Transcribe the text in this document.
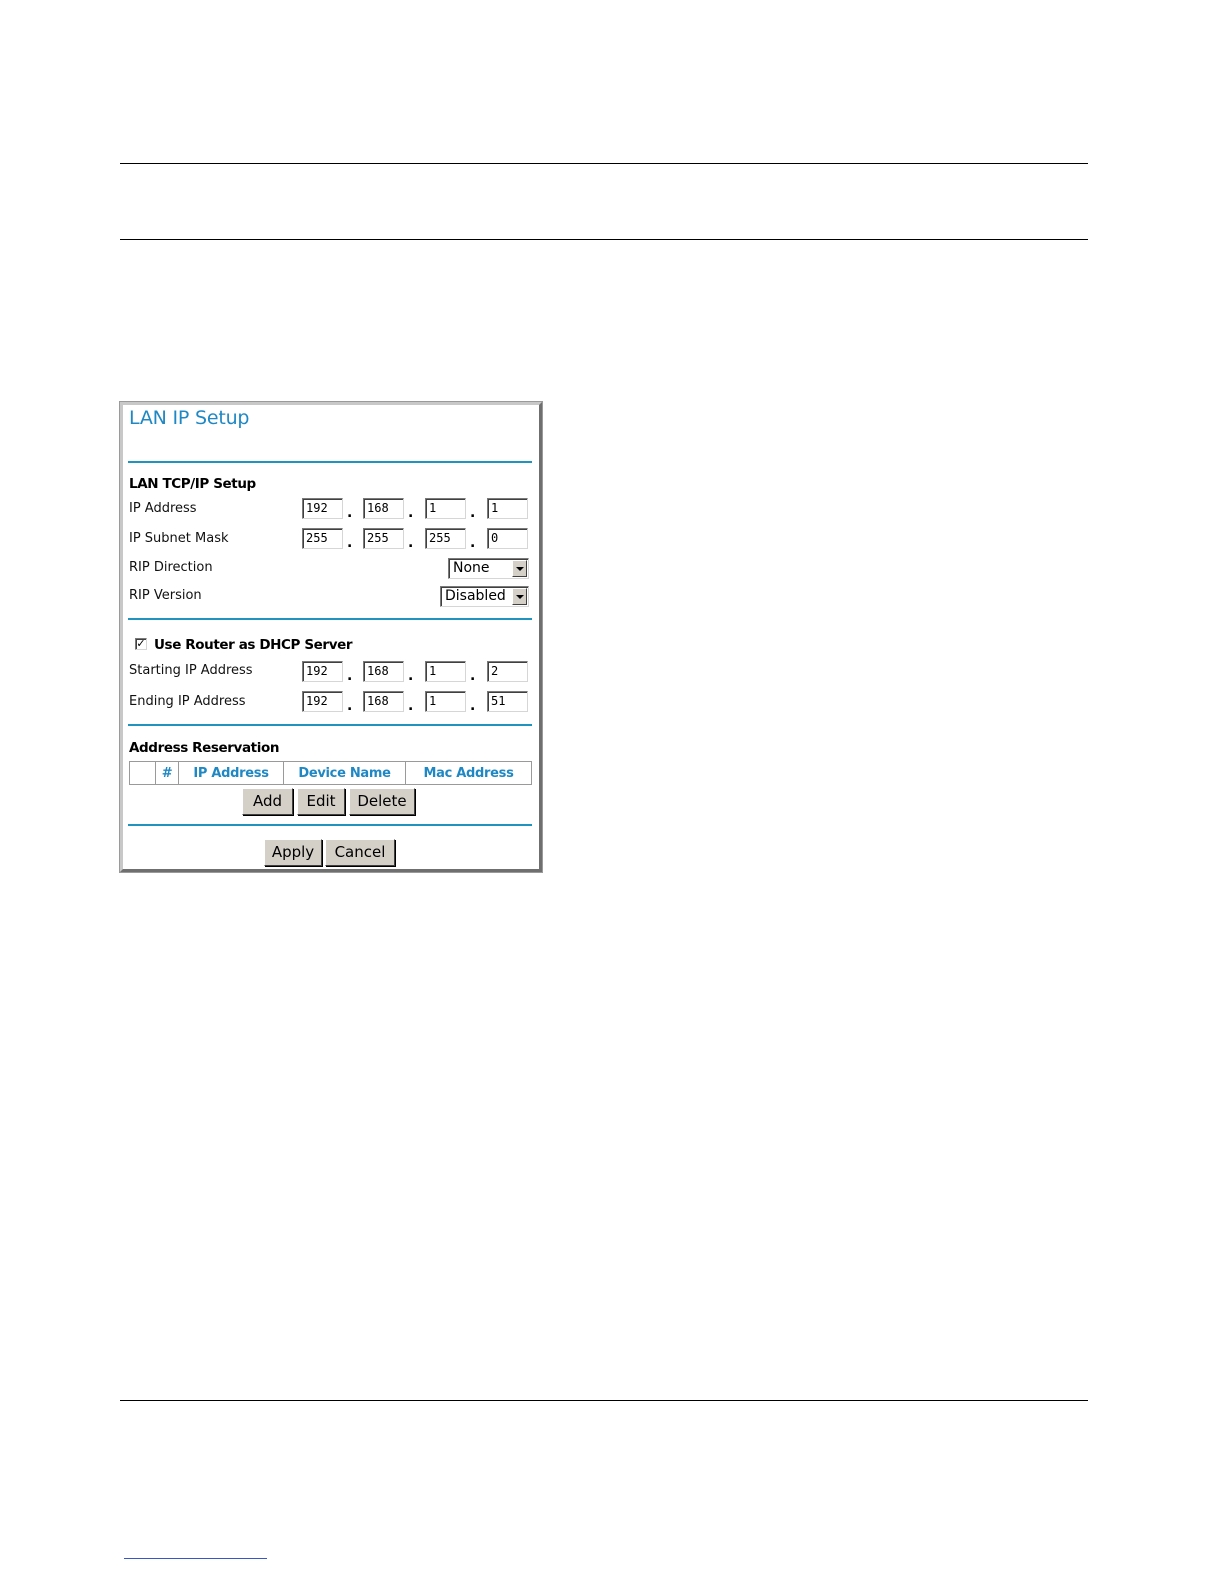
LAN IP Setup
LAN TCP/IP Setup
IP Address	192	.	168	.	1	.	1
IP Subnet Mask	255	.	255	.	255	.	0
RIP Direction	None
RIP Version	Disabled
✓ Use Router as DHCP Server
Starting IP Address	192	.	168	.	1	.	2
Ending IP Address	192	.	168	.	1	.	51
Address Reservation
	#	IP Address	Device Name	Mac Address
Add	Edit	Delete
Apply	Cancel
